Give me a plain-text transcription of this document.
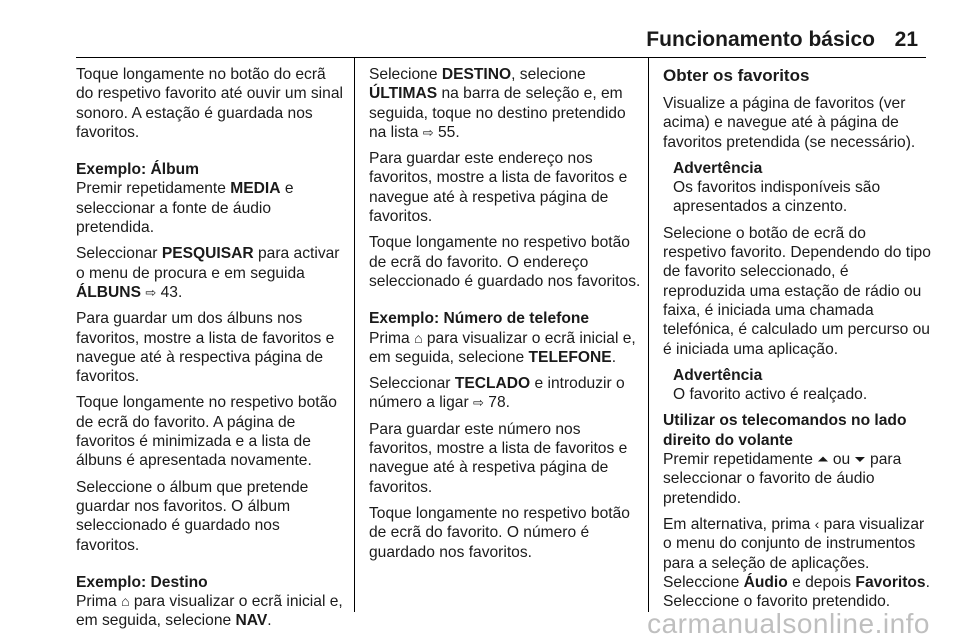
Funcionamento básico 21

Toque longamente no botão do ecrã do respetivo favorito até ouvir um sinal sonoro. A estação é guardada nos favoritos.

Exemplo: Álbum

Premir repetidamente MEDIA e seleccionar a fonte de áudio pretendida.

Seleccionar PESQUISAR para activar o menu de procura e em seguida ÁLBUNS ⇨ 43.

Para guardar um dos álbuns nos favoritos, mostre a lista de favoritos e navegue até à respectiva página de favoritos.

Toque longamente no respetivo botão de ecrã do favorito. A página de favoritos é minimizada e a lista de álbuns é apresentada novamente.

Seleccione o álbum que pretende guardar nos favoritos. O álbum seleccionado é guardado nos favoritos.

Exemplo: Destino

Prima ⌂ para visualizar o ecrã inicial e, em seguida, selecione NAV.

Selecione DESTINO, selecione ÚLTIMAS na barra de seleção e, em seguida, toque no destino pretendido na lista ⇨ 55.

Para guardar este endereço nos favoritos, mostre a lista de favoritos e navegue até à respetiva página de favoritos.

Toque longamente no respetivo botão de ecrã do favorito. O endereço seleccionado é guardado nos favoritos.

Exemplo: Número de telefone

Prima ⌂ para visualizar o ecrã inicial e, em seguida, selecione TELEFONE.

Seleccionar TECLADO e introduzir o número a ligar ⇨ 78.

Para guardar este número nos favoritos, mostre a lista de favoritos e navegue até à respetiva página de favoritos.

Toque longamente no respetivo botão de ecrã do favorito. O número é guardado nos favoritos.

Obter os favoritos

Visualize a página de favoritos (ver acima) e navegue até à página de favoritos pretendida (se necessário).

Advertência

Os favoritos indisponíveis são apresentados a cinzento.

Selecione o botão de ecrã do respetivo favorito. Dependendo do tipo de favorito seleccionado, é reproduzida uma estação de rádio ou faixa, é iniciada uma chamada telefónica, é calculado um percurso ou é iniciada uma aplicação.

Advertência

O favorito activo é realçado.

Utilizar os telecomandos no lado direito do volante

Premir repetidamente ⏶ ou ⏷ para seleccionar o favorito de áudio pretendido.

Em alternativa, prima ‹ para visualizar o menu do conjunto de instrumentos para a seleção de aplicações. Seleccione Áudio e depois Favoritos. Seleccione o favorito pretendido.

carmanualsonline.info
